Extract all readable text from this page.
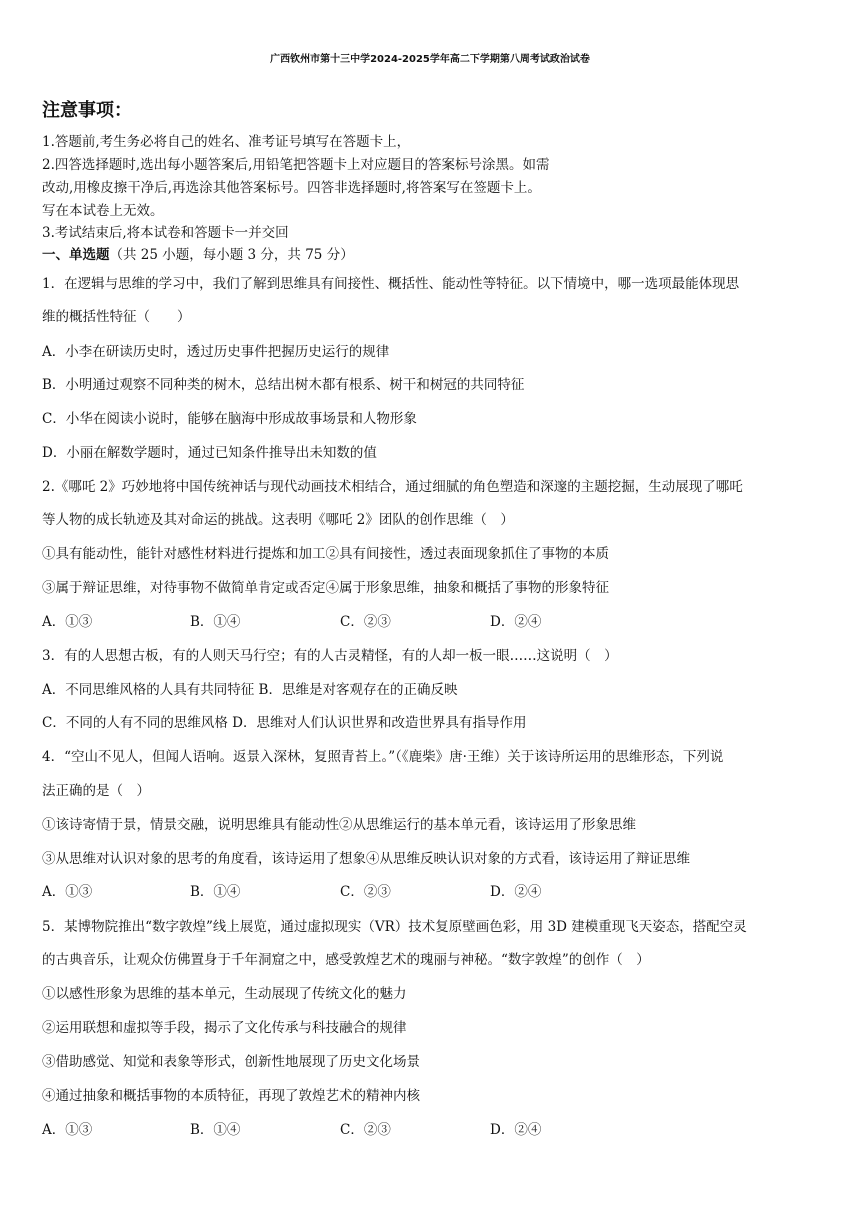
广西钦州市第十三中学2024-2025学年高二下学期第八周考试政治试卷
注意事项：
1.答题前,考生务必将自己的姓名、准考证号填写在答题卡上，
2.四答选择题时,选出每小题答案后,用铅笔把答题卡上对应题目的答案标号涂黑。如需
改动,用橡皮擦干净后,再选涂其他答案标号。四答非选择题时,将答案写在签题卡上。
写在本试卷上无效。
3.考试结束后,将本试卷和答题卡一并交回
一、单选题（共 25 小题，每小题 3 分，共 75 分）
1．在逻辑与思维的学习中，我们了解到思维具有间接性、概括性、能动性等特征。以下情境中，哪一选项最能体现思
维的概括性特征（　　）
A．小李在研读历史时，透过历史事件把握历史运行的规律
B．小明通过观察不同种类的树木，总结出树木都有根系、树干和树冠的共同特征
C．小华在阅读小说时，能够在脑海中形成故事场景和人物形象
D．小丽在解数学题时，通过已知条件推导出未知数的值
2.《哪吒 2》巧妙地将中国传统神话与现代动画技术相结合，通过细腻的角色塑造和深邃的主题挖掘，生动展现了哪吒
等人物的成长轨迹及其对命运的挑战。这表明《哪吒 2》团队的创作思维（　）
①具有能动性，能针对感性材料进行提炼和加工②具有间接性，透过表面现象抓住了事物的本质
③属于辩证思维，对待事物不做简单肯定或否定④属于形象思维，抽象和概括了事物的形象特征
A．①③	B．①④	C．②③	D．②④
3．有的人思想古板，有的人则天马行空；有的人古灵精怪，有的人却一板一眼……这说明（　）
A．不同思维风格的人具有共同特征 B．思维是对客观存在的正确反映
C．不同的人有不同的思维风格 D．思维对人们认识世界和改造世界具有指导作用
4．“空山不见人，但闻人语响。返景入深林，复照青苔上。”（《鹿柴》唐·王维）关于该诗所运用的思维形态，下列说
法正确的是（　）
①该诗寄情于景，情景交融，说明思维具有能动性②从思维运行的基本单元看，该诗运用了形象思维
③从思维对认识对象的思考的角度看，该诗运用了想象④从思维反映认识对象的方式看，该诗运用了辩证思维
A．①③	B．①④	C．②③	D．②④
5．某博物院推出“数字敦煌”线上展览，通过虚拟现实（VR）技术复原壁画色彩，用 3D 建模重现飞天姿态，搭配空灵
的古典音乐，让观众仿佛置身于千年洞窟之中，感受敦煌艺术的瑰丽与神秘。“数字敦煌”的创作（　）
①以感性形象为思维的基本单元，生动展现了传统文化的魅力
②运用联想和虚拟等手段，揭示了文化传承与科技融合的规律
③借助感觉、知觉和表象等形式，创新性地展现了历史文化场景
④通过抽象和概括事物的本质特征，再现了敦煌艺术的精神内核
A．①③	B．①④	C．②③	D．②④
